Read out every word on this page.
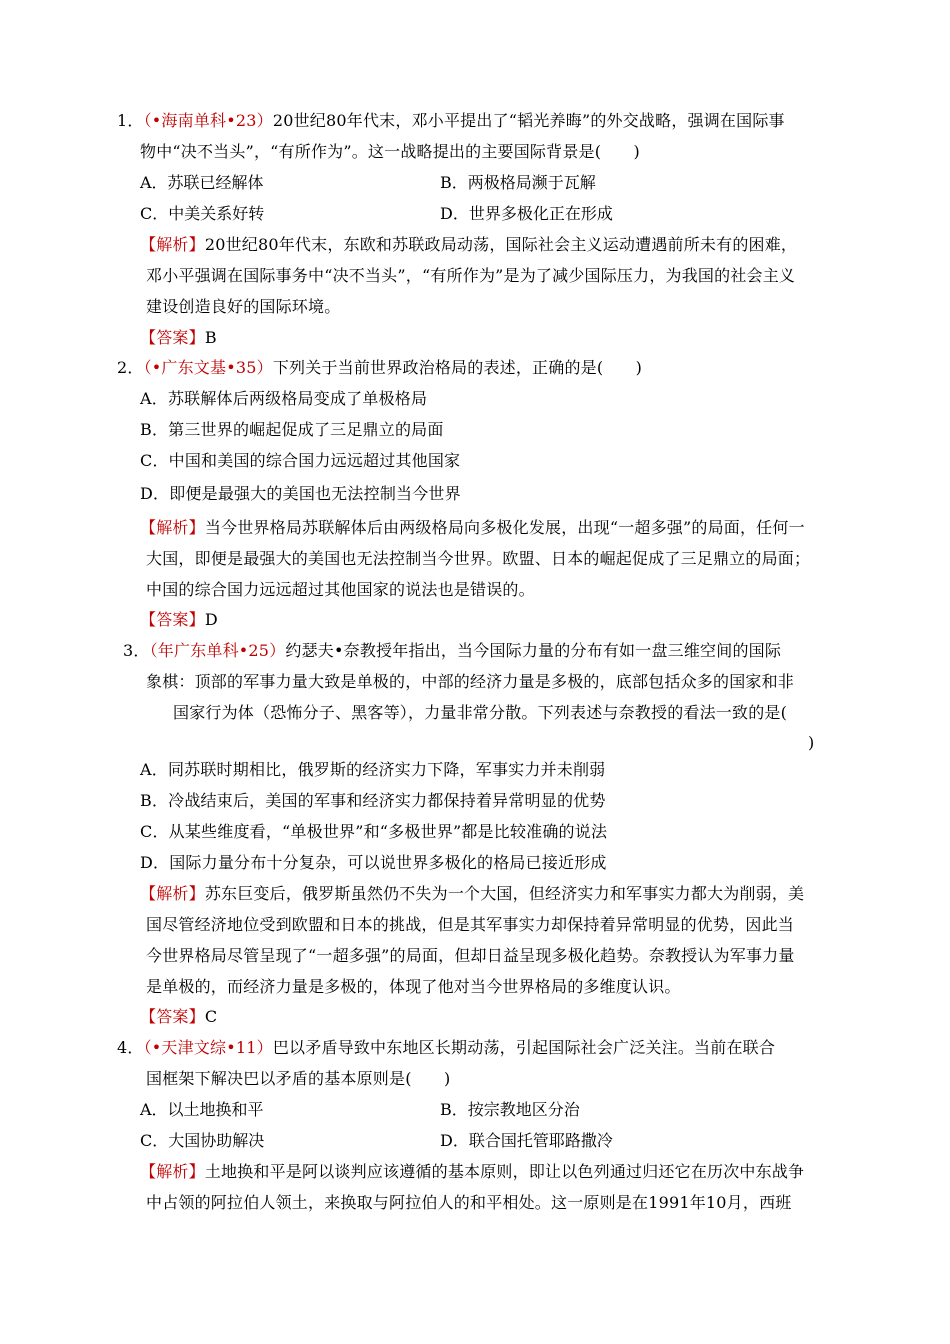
1．（•海南单科•23）20世纪80年代末，邓小平提出了“韬光养晦”的外交战略，强调在国际事
物中“决不当头”，“有所作为”。这一战略提出的主要国际背景是(　　)
A．苏联已经解体	B．两极格局濒于瓦解
C．中美关系好转	D．世界多极化正在形成
【解析】20世纪80年代末，东欧和苏联政局动荡，国际社会主义运动遭遇前所未有的困难，
邓小平强调在国际事务中“决不当头”，“有所作为”是为了减少国际压力，为我国的社会主义
建设创造良好的国际环境。
【答案】B
2．（•广东文基•35）下列关于当前世界政治格局的表述，正确的是(　　)
A．苏联解体后两级格局变成了单极格局
B．第三世界的崛起促成了三足鼎立的局面
C．中国和美国的综合国力远远超过其他国家
D．即便是最强大的美国也无法控制当今世界
【解析】当今世界格局苏联解体后由两级格局向多极化发展，出现“一超多强”的局面，任何一
大国，即便是最强大的美国也无法控制当今世界。欧盟、日本的崛起促成了三足鼎立的局面；
中国的综合国力远远超过其他国家的说法也是错误的。
【答案】D
3．（年广东单科•25）约瑟夫•奈教授年指出，当今国际力量的分布有如一盘三维空间的国际
象棋：顶部的军事力量大致是单极的，中部的经济力量是多极的，底部包括众多的国家和非
国家行为体（恐怖分子、黑客等），力量非常分散。下列表述与奈教授的看法一致的是(
)
A．同苏联时期相比，俄罗斯的经济实力下降，军事实力并未削弱
B．冷战结束后，美国的军事和经济实力都保持着异常明显的优势
C．从某些维度看，“单极世界”和“多极世界”都是比较准确的说法
D．国际力量分布十分复杂，可以说世界多极化的格局已接近形成
【解析】苏东巨变后，俄罗斯虽然仍不失为一个大国，但经济实力和军事实力都大为削弱，美
国尽管经济地位受到欧盟和日本的挑战，但是其军事实力却保持着异常明显的优势，因此当
今世界格局尽管呈现了“一超多强”的局面，但却日益呈现多极化趋势。奈教授认为军事力量
是单极的，而经济力量是多极的，体现了他对当今世界格局的多维度认识。
【答案】C
4．（•天津文综•11）巴以矛盾导致中东地区长期动荡，引起国际社会广泛关注。当前在联合
国框架下解决巴以矛盾的基本原则是(　　)
A．以土地换和平	B．按宗教地区分治
C．大国协助解决	D．联合国托管耶路撒冷
【解析】土地换和平是阿以谈判应该遵循的基本原则，即让以色列通过归还它在历次中东战争
中占领的阿拉伯人领土，来换取与阿拉伯人的和平相处。这一原则是在1991年10月，西班
